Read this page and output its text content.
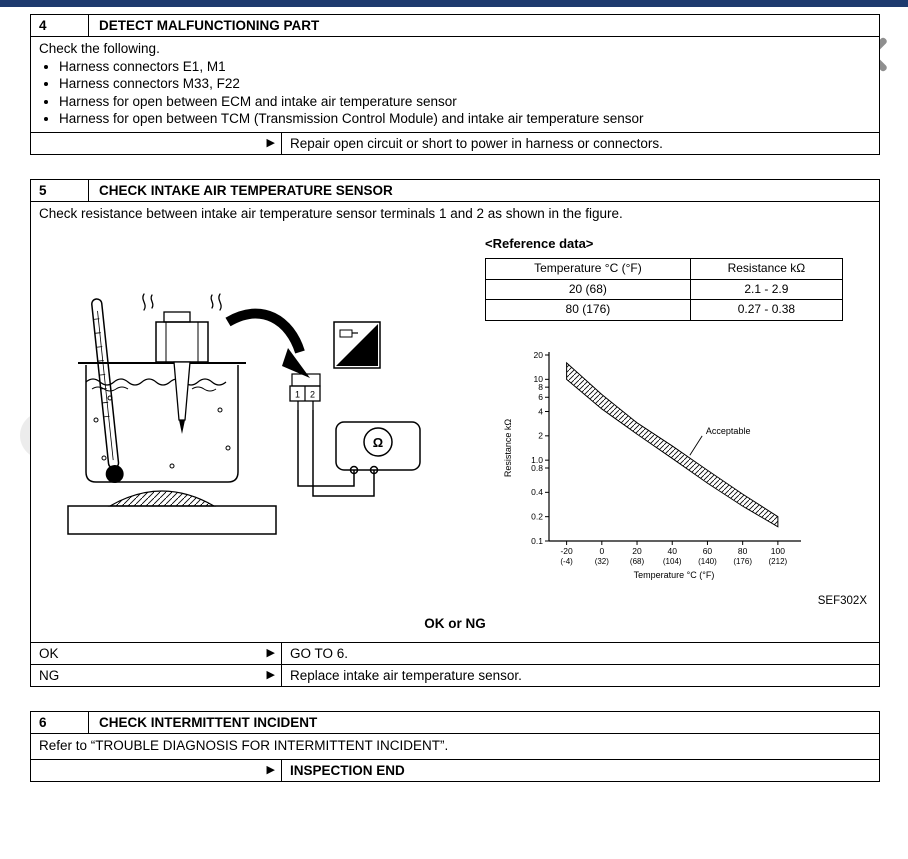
4	DETECT MALFUNCTIONING PART

Check the following.

• Harness connectors E1, M1
• Harness connectors M33, F22
• Harness for open between ECM and intake air temperature sensor
• Harness for open between TCM (Transmission Control Module) and intake air temperature sensor
▶	Repair open circuit or short to power in harness or connectors.
5	CHECK INTAKE AIR TEMPERATURE SENSOR

Check resistance between intake air temperature sensor terminals 1 and 2 as shown in the figure.

T.S.
1 2
Ω
<Reference data>
Temperature °C (°F)	Resistance kΩ
20 (68)	2.1 - 2.9
80 (176)	0.27 - 0.38
20
10
8
6
4
2
1.0
0.8
0.4
0.2
0.1
-20
(-4)
0
(32)
20
(68)
40
(104)
60
(140)
80
(176)
100
(212)
Temperature °C (°F)
Resistance kΩ	Acceptable
SEF302X
OK or NG
OK	▶	GO TO 6.
NG	▶	Replace intake air temperature sensor.
6	CHECK INTERMITTENT INCIDENT

Refer to “TROUBLE DIAGNOSIS FOR INTERMITTENT INCIDENT”.

▶	INSPECTION END
